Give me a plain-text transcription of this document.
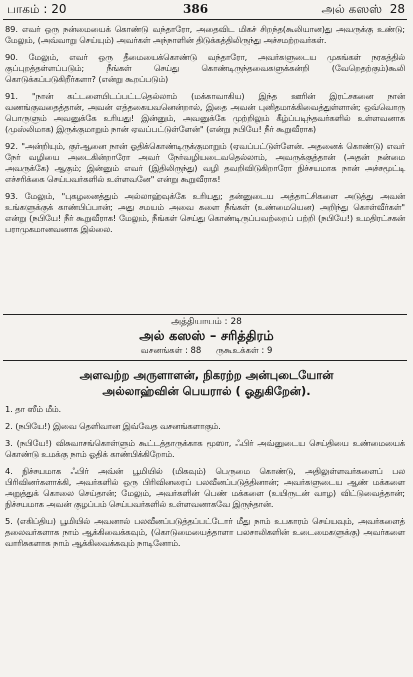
பாகம் : 20	386	அல் கஸஸ் 28

89. எவர் ஒரு நன்மையைக் கொண்டு வந்தாரோ, அதைவிட மிகச் சிறந்த(கூலியான)து அவருக்கு உண்டு; மேலும், (அவ்வாறு செய்யும்) அவர்கள் அந்நாளின் திடுக்கத்திலிருந்து அச்சமற்றவர்கள்.

90. மேலும், எவர் ஒரு தீமையைக்கொண்டு வந்தாரோ, அவர்களுடைய முகங்கள் நரகத்தில் குப்புறத்தள்ளப்படும்; நீங்கள் செய்து கொண்டிருந்தவைகளுக்கன்றி (வேறெதற்கும்)கூலி கொடுக்கப்படுகிறீர்களா? (என்று கூறப்படும்)

91. "நான் கட்டளையிடப்பட்டதெல்லாம் (மக்காவாகிய) இந்த ஊரின் இரட்சகனை நான் வணங்குவதைத்தான், அவன் எத்தகையவனென்றால், இதை அவன் புனிதமாக்கிவைத்துள்ளான்; ஒவ்வொரு பொருளும் அவனுக்கே உரியது! இன்னும், அவனுக்கே முற்றிலும் கீழ்ப்படிந்தவர்களில் உள்ளவனாக (முஸ்லிமாக) இருக்குமாறும் நான் ஏவப்பட்டுள்ளேன்" (என்று நபியே! நீர் கூறுவீராக)

92. "அன்றியும், குர்ஆனை நான் ஓதிக்கொண்டிருக்குமாறும் (ஏவப்பட்டுள்ளேன். அதனைக் கொண்டு) எவர் நேர் வழியை அடைகின்றாரோ அவர் நேர்வழியடைவதெல்லாம், அவருக்குத்தான் (அதன் நன்மை அவருக்கே) ஆகும்; இன்னும் எவர் (இதிலிருந்து) வழி தவறிவிடுகிறாரோ நிச்சயமாக நான் அச்சமூட்டி எச்சரிக்கை செய்பவர்களில் உள்ளவனே" என்று கூறுவீராக!

93. மேலும், "புகழனைத்தும் அல்லாஹ்வுக்கே உரியது; தன்னுடைய அத்தாட்சிகளை அடுத்து அவன் உங்களுக்குக் காண்பிப்பான்; அது சமயம் அவை களை நீங்கள் (உண்மையென) அறிந்து கொள்வீர்கள்" என்று (நபியே! நீர் கூறுவீராக! மேலும், நீங்கள் செய்து கொண்டிருப்பவற்றைப் பற்றி (நபியே!) உமதிரட்சகன் பராமுகமானவனாக இல்லை.

அத்தியாயம் : 28
அல் கஸஸ் – சரித்திரம்
வசனங்கள் : 88 ருகூஉக்கள் : 9
அளவற்ற அருளாளன், நிகரற்ற அன்புடையோன்
அல்லாஹ்வின் பெயரால் ( ஓதுகிறேன்).

1. தா ஸீம் மீம்.

2. (நபியே!) இவை தெளிவான இவ்வேத வசனங்களாகும்.

3. (நபியே!) விசுவாசங்கொள்ளும் கூட்டத்தாருக்காக மூஸா, ஃபிர் அவ்னுடைய செய்தியை உண்மையைக் கொண்டு உமக்கு நாம் ஓதிக் காண்பிக்கிறோம்.

4. நிச்சயமாக ஃபிர் அவ்ன் பூமியில் (மிகவும்) பெருமை கொண்டு, அதிலுள்ளவர்களைப் பல பிரிவினர்களாக்கி, அவர்களில் ஒரு பிரிவினரைப் பலவீனப்படுத்தினான்; அவர்களுடைய ஆண் மக்களை அறுத்துக் கொலை செய்தான்; மேலும், அவர்களின் பெண் மக்களை (உயிருடன் வாழ) விட்டுவைத்தான்; நிச்சயமாக அவன் குழப்பம் செய்பவர்களில் உள்ளவனாகவே இருந்தான்.

5. (எகிப்திய) பூமியில் அவனால் பலவீனப்படுத்தப்பட்டோர் மீது நாம் உபகாரம் செய்யவும், அவர்களைத் தலைவர்களாக நாம் ஆக்கிவைக்கவும், (கொடுமையைத்தாளா பலசாலிகளின் உடைமைகளுக்கு) அவர்களை வாரிசுகளாக நாம் ஆக்கிவைக்கவும் நாடினோம்.
